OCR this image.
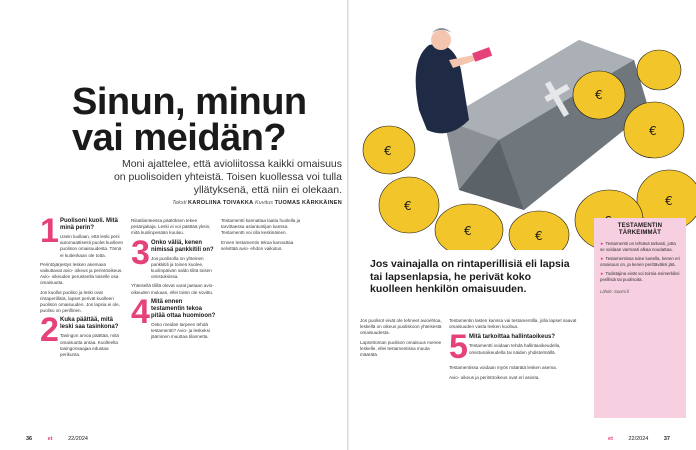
Sinun, minun vai meidän?

Moni ajattelee, että avioliitossa kaikki omaisuus on puolisoiden yhteistä. Toisen kuollessa voi tulla yllätyksenä, että niin ei olekaan.

Teksti KAROLIINA TOIVAKKA Kuvitus TUOMAS KÄRKKÄINEN

1 Puolisoni kuoli. Mitä minä perin?
Usein luullaan, että leski perii automaattisesti puolet kuolleen puolison omaisuudesta. Tämä ei kuitenkaan ole totta.

Perintöjärjestys lesken asemaan vaikuttavat avio- oikeus ja perintöoikeus. Avio- oikeuden perusteella toiselle osa omaisuutta.

Jos kuollut puoliso ja leski ovat rintaperillisiä, lapset perivät kuolleen puolison omaisuuden. Jos lapsia ei ole, puoliso on perillinen.

2 Kuka päättää, mitä leski saa tasinkona?
Tasingon arvoa päättää, mitä omaisuutta antaa. Kuolleelta tasingonsaajaa edustaa perikunta.

Riitatilanteessa päätöksen tekee pesänjakaja. Leski ei voi päättää yksin, mitä kuolinpesään kuuluu.

3 Onko väliä, kenen nimissä pankkitili on?
Jos puolisolla on yhteinen pankkitili ja toinen kuolee, kuolinpäivän saldo tilitä toisen omistuksissa.

Yhteisellä tilillä olevat varat jaetaan avio- oikeuden mukaan, ellei toisin ole sovittu.

4 Mitä ennen testamentin tekoa pitää ottaa huomioon?
Onko meidän tarpeen tehdä testamentti? Avio- ja leskeksi jääminen muuttaa tilannetta.

Testamentti kannattaa laatia huolella ja tarvittaessa asiantuntijan kanssa. Testamentti voi olla keskinäinen.

Ennen testamentin tekoa kannattaa selvittää avio- ehdon vaikutus.

36	et	22/2024
€
€
€
€
€
€
€

Jos vainajalla on rintaperillisiä eli lapsia tai lapsenlapsia, he perivät koko kuolleen henkilön omaisuuden.

Jos puolisot eivät ole tehneet avioehtoa, leskellä on oikeus puoliskoon yhteisestä omaisuudesta.

Lapsettoman puolison omaisuus menee leskelle, ellei testamentissa muuta määrätä.

Testamentin lasten kanssa vai testamentilla, jolla lapset saavat omaisuuden vasta lesken kuoltua.

5 Mitä tarkoittaa hallintaoikeus?
Testamentti voidaan tehdä hallintaoikeudella, omistusoikeudella tai näiden yhdistelmällä.

Testamentissa voidaan myös määrätä lesken asema.

Avio- oikeus ja perintöoikeus ovat eri asioita.

TESTAMENTIN TÄRKEIMMÄT
► Testamentti on tehtävä tarkasti, jotta se voidaan varmasti alkaa noudattaa.
► Testamentissa tulee luetella, kenen eri omaisuus on, ja kenen perittäväksi jää.
► Todistajina eivät voi toimia esimerkiksi perillisiä tai puolisoita.
Lähde: Suomi.fi
et	22/2024	37
